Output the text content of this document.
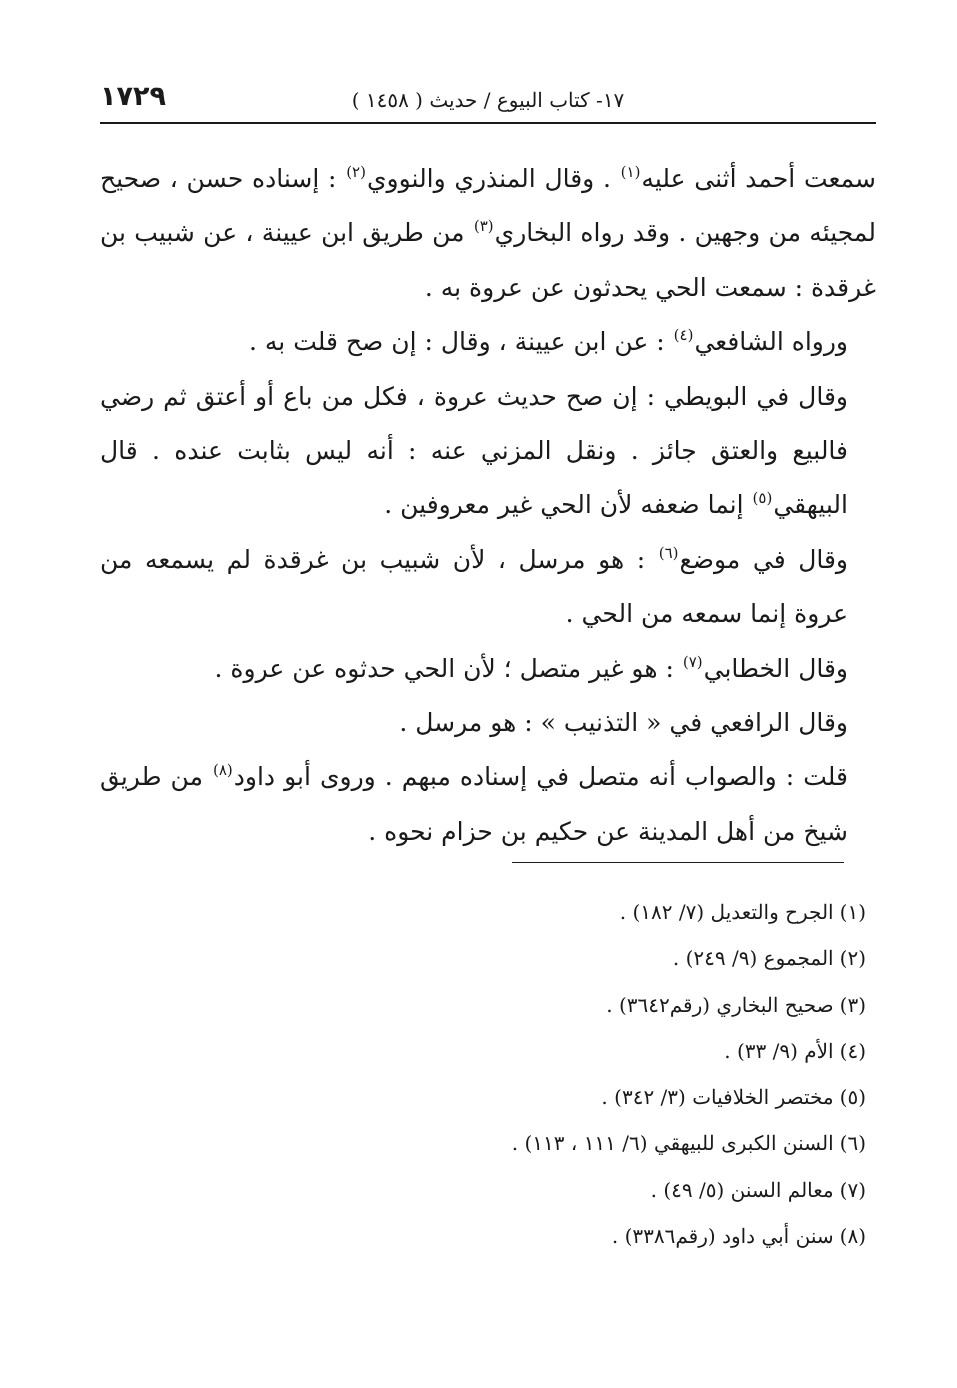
١٧٢٩	١٧- كتاب البيوع / حديث ( ١٤٥٨ )

سمعت أحمد أثنى عليه$^{(١)}$ . وقال المنذري والنووي$^{(٢)}$ : إسناده حسن ، صحيح لمجيئه من وجهين . وقد رواه البخاري$^{(٣)}$ من طريق ابن عيينة ، عن شبيب بن غرقدة : سمعت الحي يحدثون عن عروة به .

ورواه الشافعي$^{(٤)}$ : عن ابن عيينة ، وقال : إن صح قلت به .

وقال في البويطي : إن صح حديث عروة ، فكل من باع أو أعتق ثم رضي فالبيع والعتق جائز . ونقل المزني عنه : أنه ليس بثابت عنده . قال البيهقي$^{(٥)}$ إنما ضعفه لأن الحي غير معروفين .

وقال في موضع$^{(٦)}$ : هو مرسل ، لأن شبيب بن غرقدة لم يسمعه من عروة إنما سمعه من الحي .

وقال الخطابي$^{(٧)}$ : هو غير متصل ؛ لأن الحي حدثوه عن عروة .

وقال الرافعي في « التذنيب » : هو مرسل .

قلت : والصواب أنه متصل في إسناده مبهم . وروى أبو داود$^{(٨)}$ من طريق شيخ من أهل المدينة عن حكيم بن حزام نحوه .

(١)الجرح والتعديل (٧/ ١٨٢) .
(٢)المجموع (٩/ ٢٤٩) .
(٣)صحيح البخاري (رقم٣٦٤٢) .
(٤)الأم (٩/ ٣٣) .
(٥)مختصر الخلافيات (٣/ ٣٤٢) .
(٦)السنن الكبرى للبيهقي (٦/ ١١١ ، ١١٣) .
(٧)معالم السنن (٥/ ٤٩) .
(٨)سنن أبي داود (رقم٣٣٨٦) .
